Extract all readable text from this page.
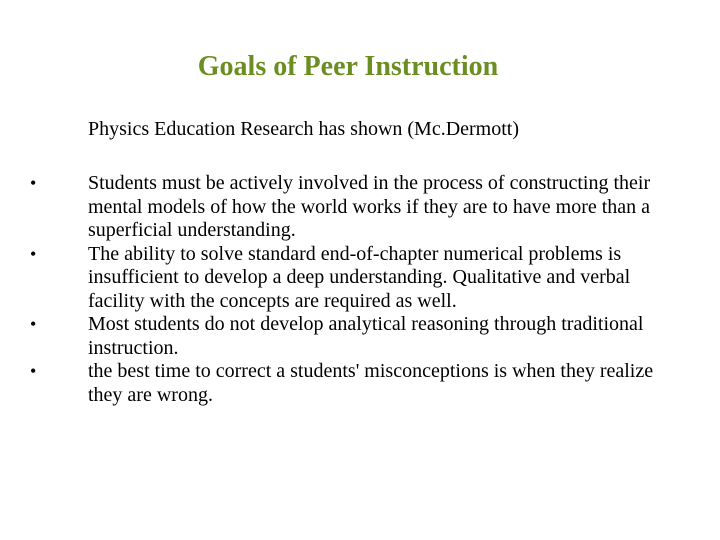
Goals of Peer Instruction
Physics Education Research has shown (Mc.Dermott)
•	Students must be actively involved in the process of constructing their mental models of how the world works if they are to have more than a superficial understanding.
•	The ability to solve standard end-of-chapter numerical problems is insufficient to develop a deep understanding. Qualitative and verbal facility with the concepts are required as well.
•	Most students do not develop analytical reasoning through traditional instruction.
•	the best time to correct a students' misconceptions is when they realize they are wrong.
